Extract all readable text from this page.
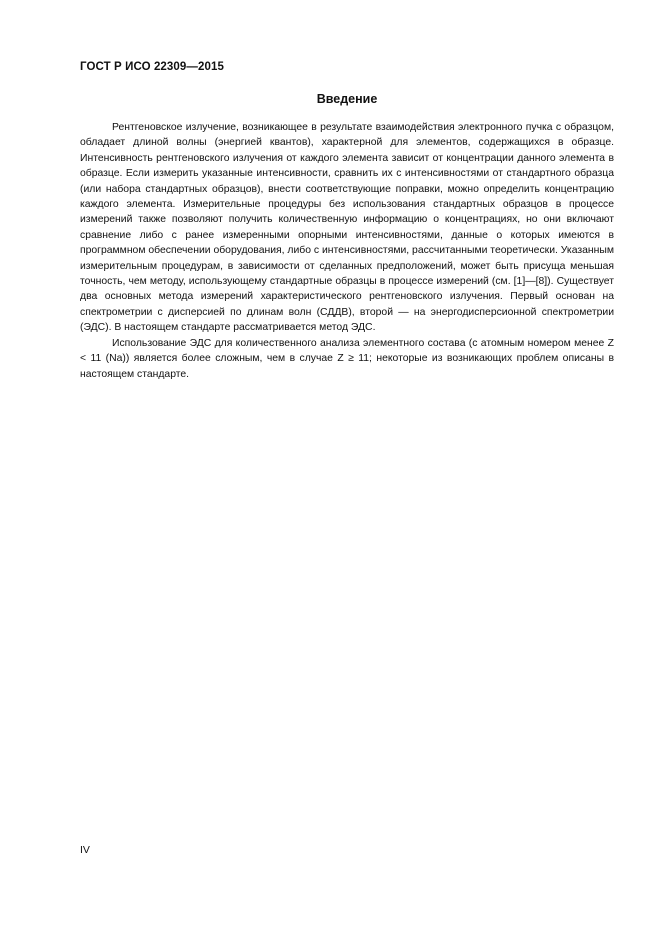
ГОСТ Р ИСО 22309—2015
Введение

Рентгеновское излучение, возникающее в результате взаимодействия электронного пучка с образцом, обладает длиной волны (энергией квантов), характерной для элементов, содержащихся в образце. Интенсивность рентгеновского излучения от каждого элемента зависит от концентрации данного элемента в образце. Если измерить указанные интенсивности, сравнить их с интенсивностями от стандартного образца (или набора стандартных образцов), внести соответствующие поправки, можно определить концентрацию каждого элемента. Измерительные процедуры без использования стандартных образцов в процессе измерений также позволяют получить количественную информацию о концентрациях, но они включают сравнение либо с ранее измеренными опорными интенсивностями, данные о которых имеются в программном обеспечении оборудования, либо с интенсивностями, рассчитанными теоретически. Указанным измерительным процедурам, в зависимости от сделанных предположений, может быть присуща меньшая точность, чем методу, использующему стандартные образцы в процессе измерений (см. [1]—[8]). Существует два основных метода измерений характеристического рентгеновского излучения. Первый основан на спектрометрии с дисперсией по длинам волн (СДДВ), второй — на энергодисперсионной спектрометрии (ЭДС). В настоящем стандарте рассматривается метод ЭДС.

Использование ЭДС для количественного анализа элементного состава (с атомным номером менее Z < 11 (Na)) является более сложным, чем в случае Z ≥ 11; некоторые из возникающих проблем описаны в настоящем стандарте.

IV
